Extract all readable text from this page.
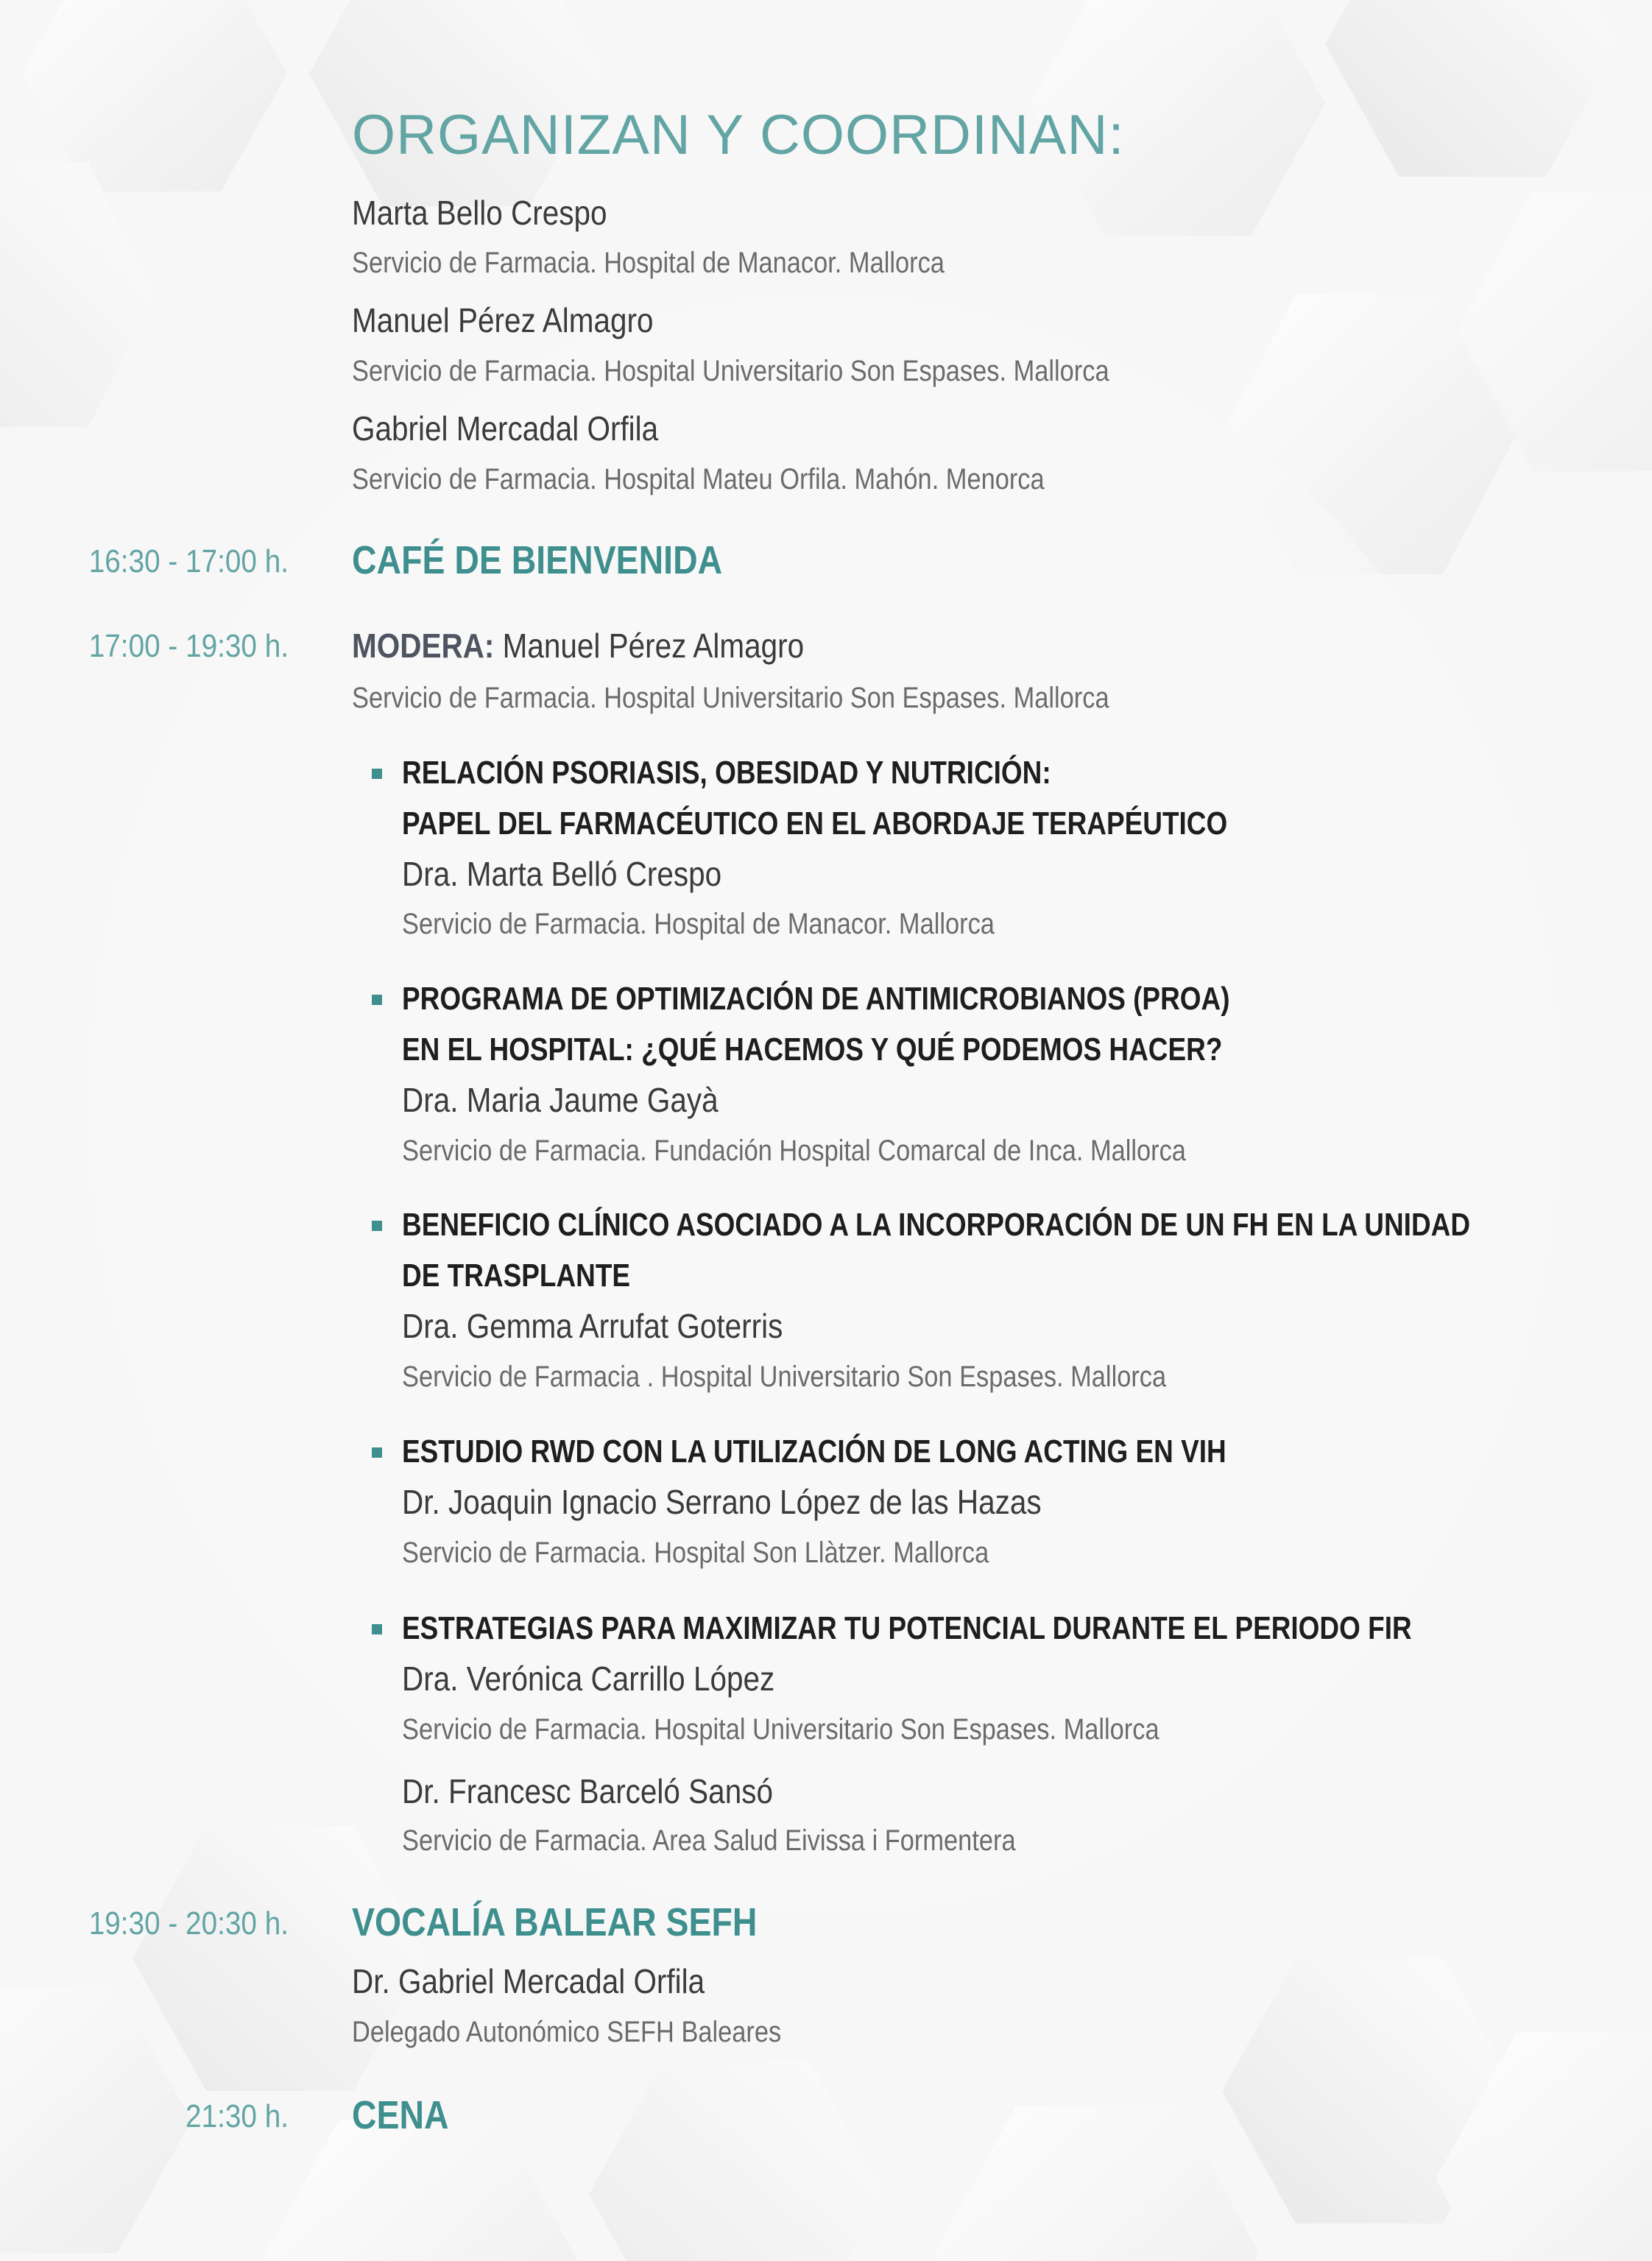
ORGANIZAN Y COORDINAN:
Marta Bello Crespo
Servicio de Farmacia. Hospital de Manacor. Mallorca
Manuel Pérez Almagro
Servicio de Farmacia. Hospital Universitario Son Espases. Mallorca
Gabriel Mercadal Orfila
Servicio de Farmacia. Hospital Mateu Orfila. Mahón. Menorca
16:30 - 17:00 h. CAFÉ DE BIENVENIDA
17:00 - 19:30 h. MODERA: Manuel Pérez Almagro
Servicio de Farmacia. Hospital Universitario Son Espases. Mallorca
RELACIÓN PSORIASIS, OBESIDAD Y NUTRICIÓN:
PAPEL DEL FARMACÉUTICO EN EL ABORDAJE TERAPÉUTICO
Dra. Marta Belló Crespo
Servicio de Farmacia. Hospital de Manacor. Mallorca
PROGRAMA DE OPTIMIZACIÓN DE ANTIMICROBIANOS (PROA)
EN EL HOSPITAL: ¿QUÉ HACEMOS Y QUÉ PODEMOS HACER?
Dra. Maria Jaume Gayà
Servicio de Farmacia. Fundación Hospital Comarcal de Inca. Mallorca
BENEFICIO CLÍNICO ASOCIADO A LA INCORPORACIÓN DE UN FH EN LA UNIDAD
DE TRASPLANTE
Dra. Gemma Arrufat Goterris
Servicio de Farmacia . Hospital Universitario Son Espases. Mallorca
ESTUDIO RWD CON LA UTILIZACIÓN DE LONG ACTING EN VIH
Dr. Joaquin Ignacio Serrano López de las Hazas
Servicio de Farmacia. Hospital Son Llàtzer. Mallorca
ESTRATEGIAS PARA MAXIMIZAR TU POTENCIAL DURANTE EL PERIODO FIR
Dra. Verónica Carrillo López
Servicio de Farmacia. Hospital Universitario Son Espases. Mallorca
Dr. Francesc Barceló Sansó
Servicio de Farmacia. Area Salud Eivissa i Formentera
19:30 - 20:30 h. VOCALÍA BALEAR SEFH
Dr. Gabriel Mercadal Orfila
Delegado Autonómico SEFH Baleares
21:30 h. CENA
